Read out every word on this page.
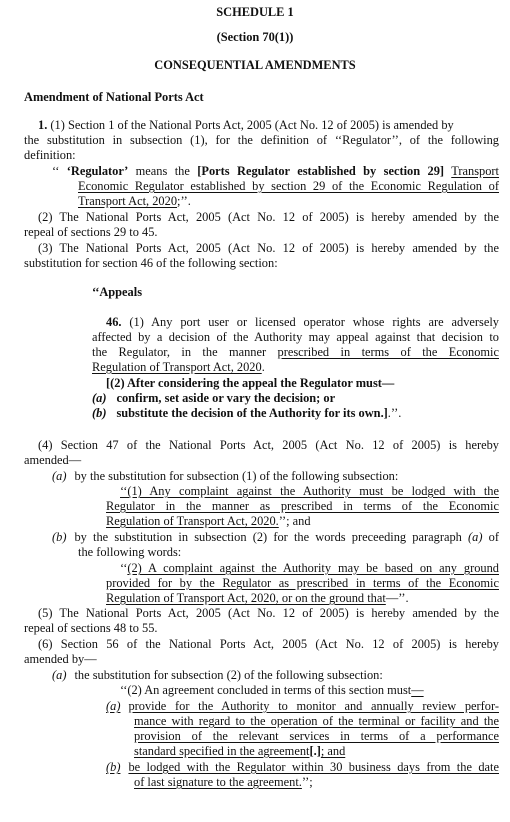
SCHEDULE 1
(Section 70(1))
CONSEQUENTIAL AMENDMENTS
Amendment of National Ports Act
1. (1) Section 1 of the National Ports Act, 2005 (Act No. 12 of 2005) is amended by
the substitution in subsection (1), for the definition of ‘‘Regulator’’, of the following
definition:
‘‘ ‘Regulator’ means the [Ports Regulator established by section 29] Transport
Economic Regulator established by section 29 of the Economic Regulation of
Transport Act, 2020;’’.
(2) The National Ports Act, 2005 (Act No. 12 of 2005) is hereby amended by the
repeal of sections 29 to 45.
(3) The National Ports Act, 2005 (Act No. 12 of 2005) is hereby amended by the
substitution for section 46 of the following section:
‘‘Appeals
46. (1) Any port user or licensed operator whose rights are adversely
affected by a decision of the Authority may appeal against that decision to
the Regulator, in the manner prescribed in terms of the Economic
Regulation of Transport Act, 2020.
[(2) After considering the appeal the Regulator must—
(a) confirm, set aside or vary the decision; or
(b) substitute the decision of the Authority for its own.].’’.
(4) Section 47 of the National Ports Act, 2005 (Act No. 12 of 2005) is hereby
amended—
(a) by the substitution for subsection (1) of the following subsection:
‘‘(1) Any complaint against the Authority must be lodged with the
Regulator in the manner as prescribed in terms of the Economic
Regulation of Transport Act, 2020.’’; and
(b) by the substitution in subsection (2) for the words preceeding paragraph (a) of
the following words:
‘‘(2) A complaint against the Authority may be based on any ground
provided for by the Regulator as prescribed in terms of the Economic
Regulation of Transport Act, 2020, or on the ground that—’’.
(5) The National Ports Act, 2005 (Act No. 12 of 2005) is hereby amended by the
repeal of sections 48 to 55.
(6) Section 56 of the National Ports Act, 2005 (Act No. 12 of 2005) is hereby
amended by—
(a) the substitution for subsection (2) of the following subsection:
‘‘(2) An agreement concluded in terms of this section must—
(a) provide for the Authority to monitor and annually review perfor-
mance with regard to the operation of the terminal or facility and the
provision of the relevant services in terms of a performance
standard specified in the agreement[.]; and
(b) be lodged with the Regulator within 30 business days from the date
of last signature to the agreement.’’;
